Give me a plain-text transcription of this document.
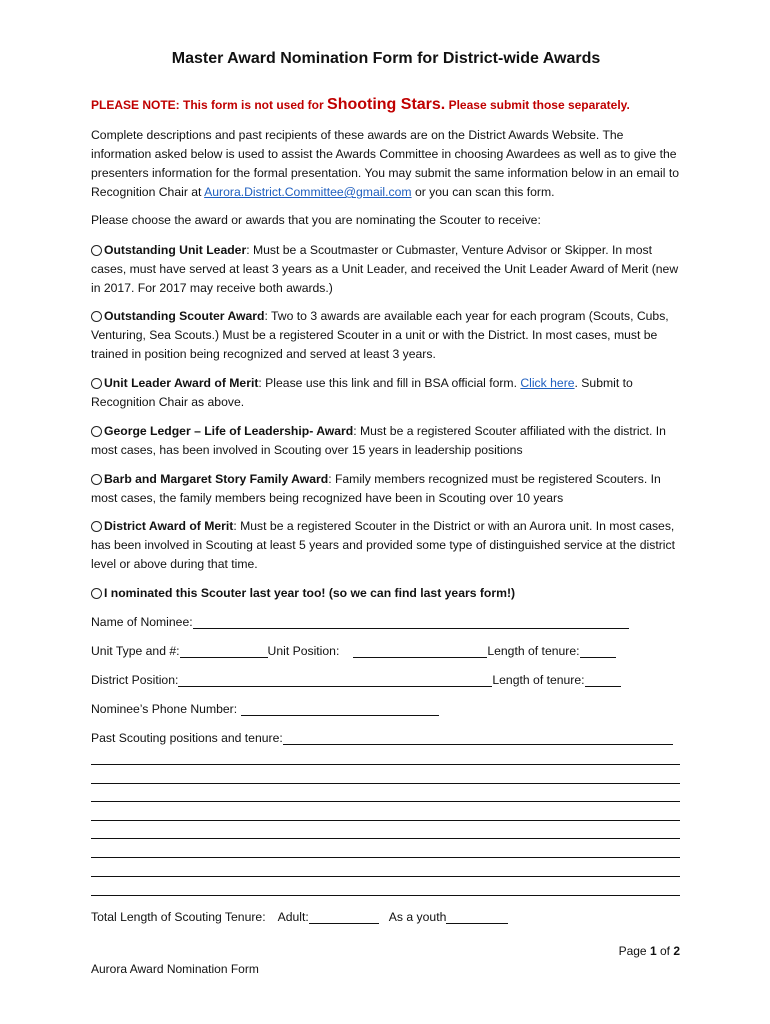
Master Award Nomination Form for District-wide Awards
PLEASE NOTE: This form is not used for Shooting Stars. Please submit those separately.
Complete descriptions and past recipients of these awards are on the District Awards Website. The information asked below is used to assist the Awards Committee in choosing Awardees as well as to give the presenters information for the formal presentation. You may submit the same information below in an email to Recognition Chair at Aurora.District.Committee@gmail.com or you can scan this form.
Please choose the award or awards that you are nominating the Scouter to receive:
Outstanding Unit Leader: Must be a Scoutmaster or Cubmaster, Venture Advisor or Skipper. In most cases, must have served at least 3 years as a Unit Leader, and received the Unit Leader Award of Merit (new in 2017. For 2017 may receive both awards.)
Outstanding Scouter Award: Two to 3 awards are available each year for each program (Scouts, Cubs, Venturing, Sea Scouts.) Must be a registered Scouter in a unit or with the District. In most cases, must be trained in position being recognized and served at least 3 years.
Unit Leader Award of Merit: Please use this link and fill in BSA official form. Click here. Submit to Recognition Chair as above.
George Ledger – Life of Leadership- Award: Must be a registered Scouter affiliated with the district. In most cases, has been involved in Scouting over 15 years in leadership positions
Barb and Margaret Story Family Award: Family members recognized must be registered Scouters. In most cases, the family members being recognized have been in Scouting over 10 years
District Award of Merit: Must be a registered Scouter in the District or with an Aurora unit. In most cases, has been involved in Scouting at least 5 years and provided some type of distinguished service at the district level or above during that time.
I nominated this Scouter last year too! (so we can find last years form!)
Name of Nominee:
Unit Type and #:	Unit Position:	Length of tenure:
District Position:	Length of tenure:
Nominee’s Phone Number:
Past Scouting positions and tenure:
Total Length of Scouting Tenure: Adult:	As a youth
Page 1 of 2
Aurora Award Nomination Form
